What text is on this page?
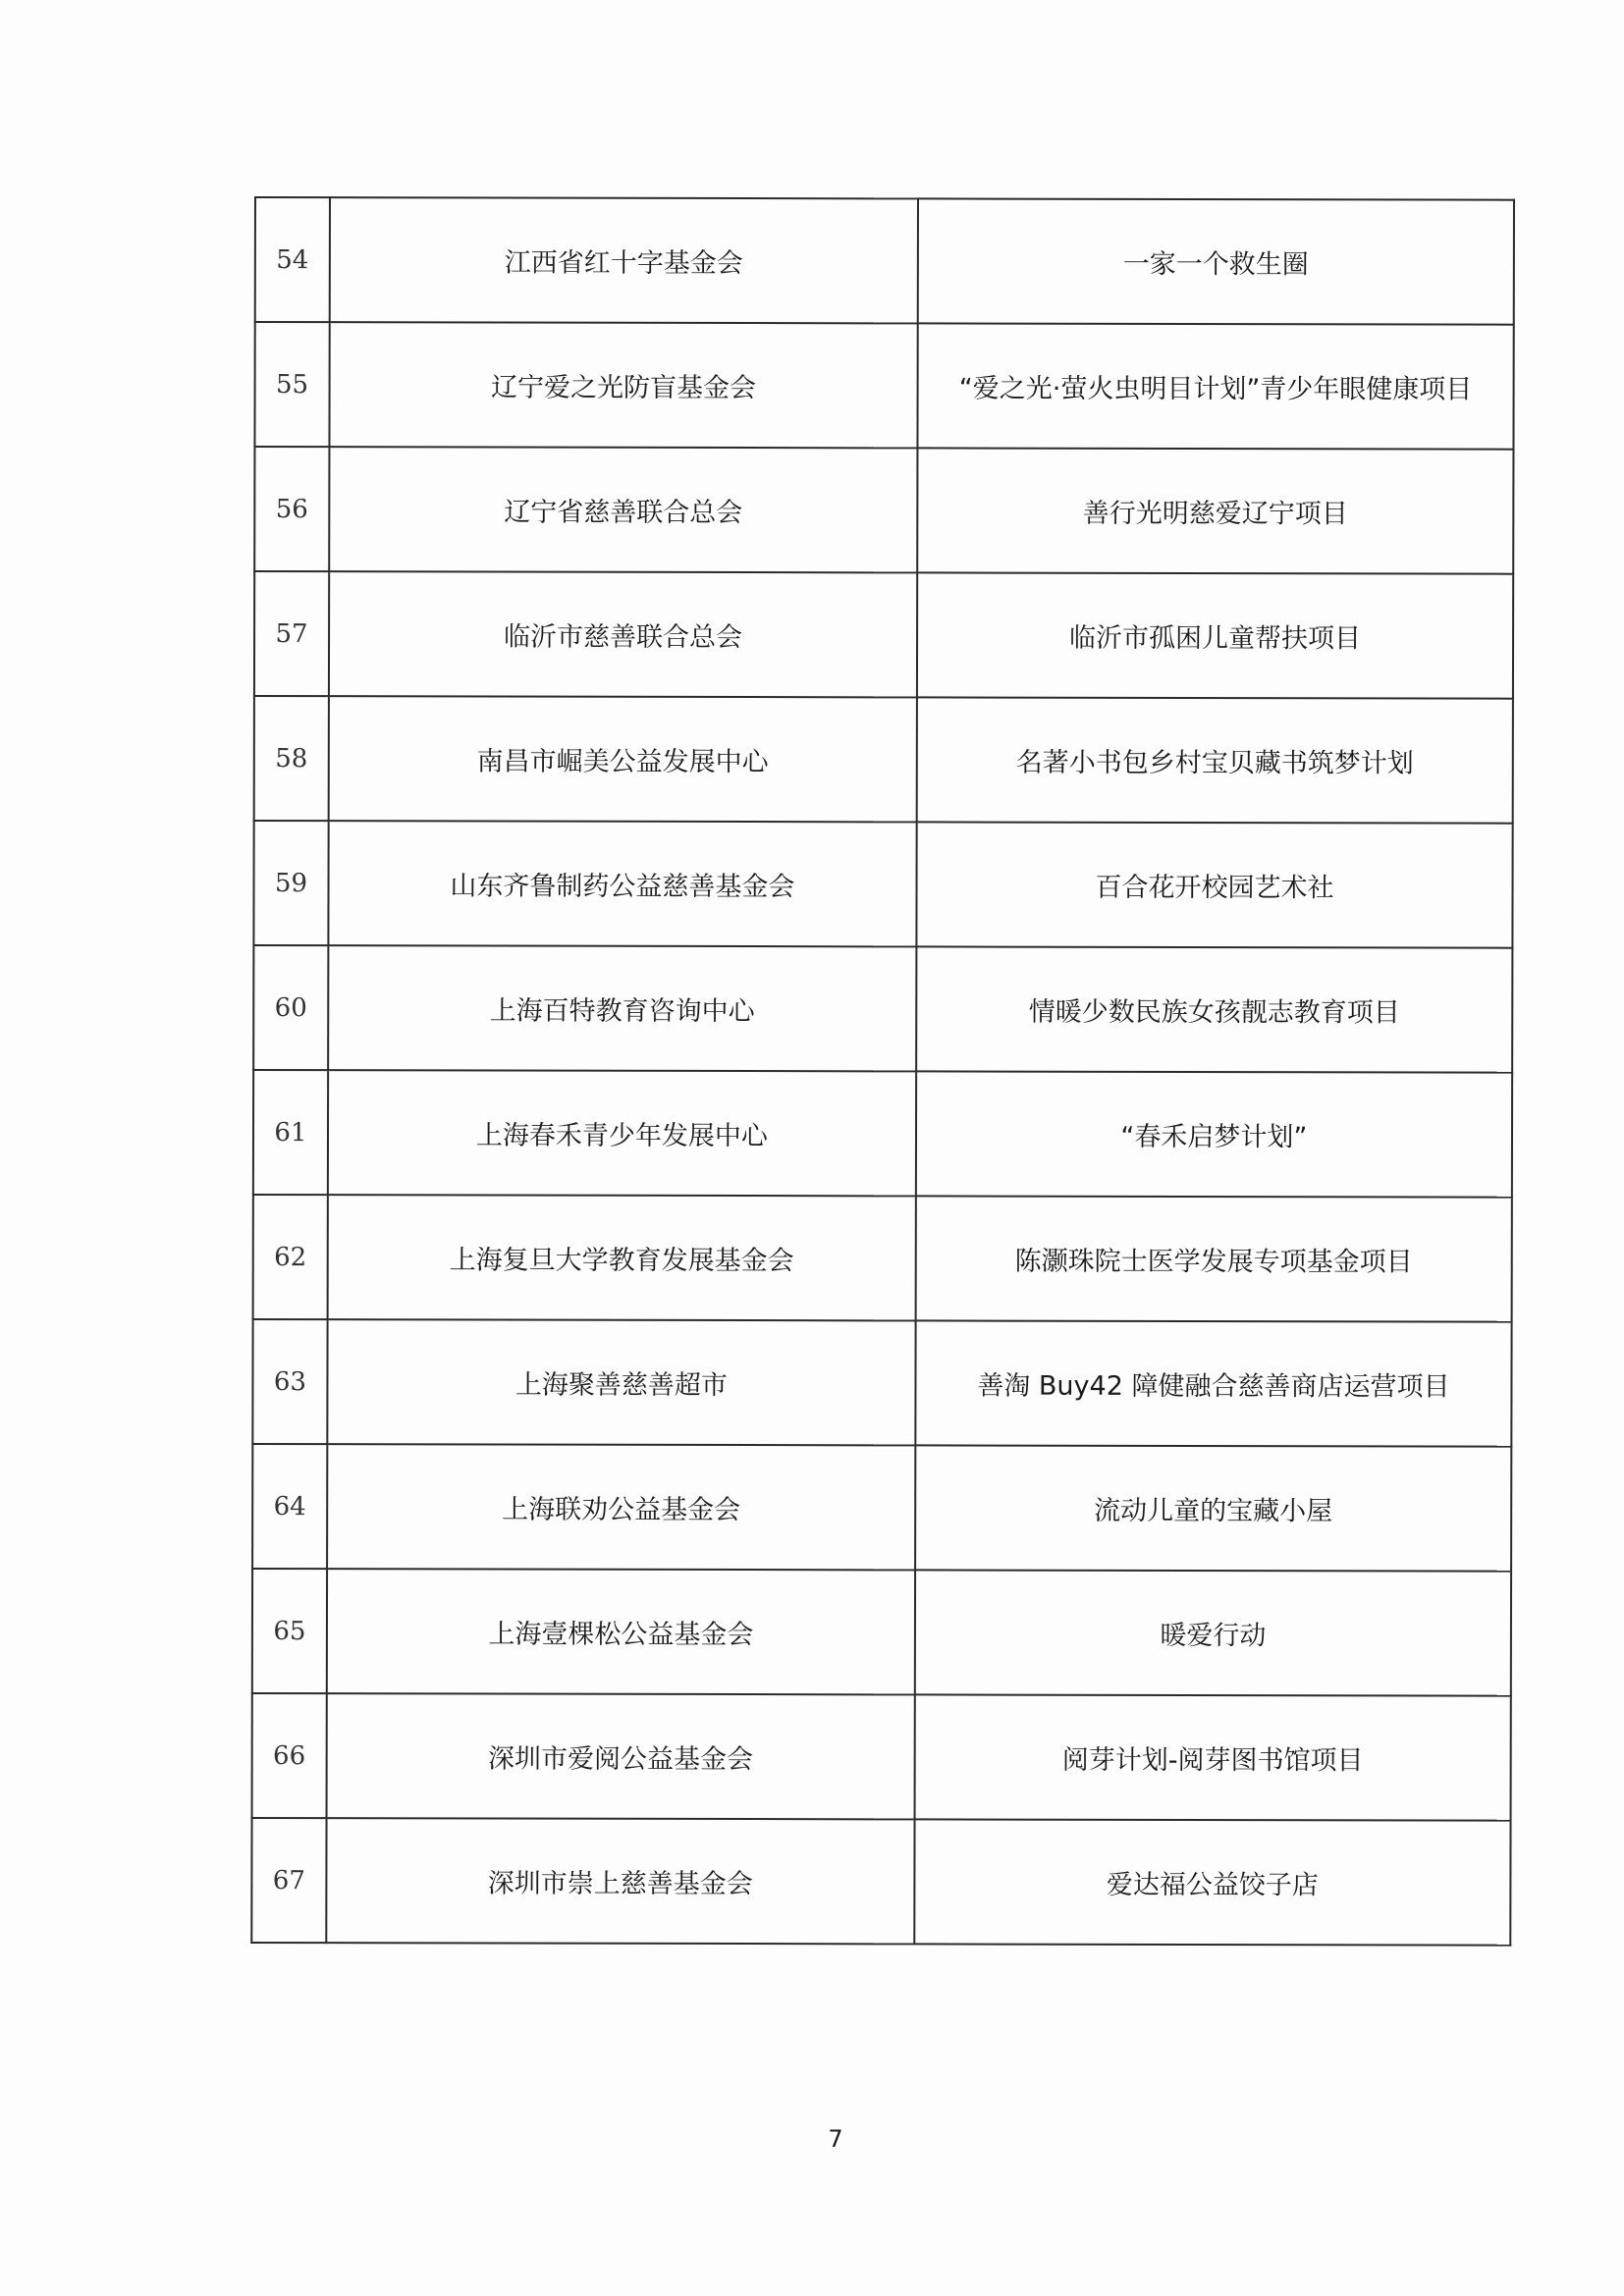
54	江西省红十字基金会	一家一个救生圈
55	辽宁爱之光防盲基金会	“爱之光·萤火虫明目计划”青少年眼健康项目
56	辽宁省慈善联合总会	善行光明慈爱辽宁项目
57	临沂市慈善联合总会	临沂市孤困儿童帮扶项目
58	南昌市崛美公益发展中心	名著小书包乡村宝贝藏书筑梦计划
59	山东齐鲁制药公益慈善基金会	百合花开校园艺术社
60	上海百特教育咨询中心	情暖少数民族女孩靓志教育项目
61	上海春禾青少年发展中心	“春禾启梦计划”
62	上海复旦大学教育发展基金会	陈灏珠院士医学发展专项基金项目
63	上海聚善慈善超市	善淘 Buy42 障健融合慈善商店运营项目
64	上海联劝公益基金会	流动儿童的宝藏小屋
65	上海壹棵松公益基金会	暖爱行动
66	深圳市爱阅公益基金会	阅芽计划-阅芽图书馆项目
67	深圳市崇上慈善基金会	爱达福公益饺子店
7
